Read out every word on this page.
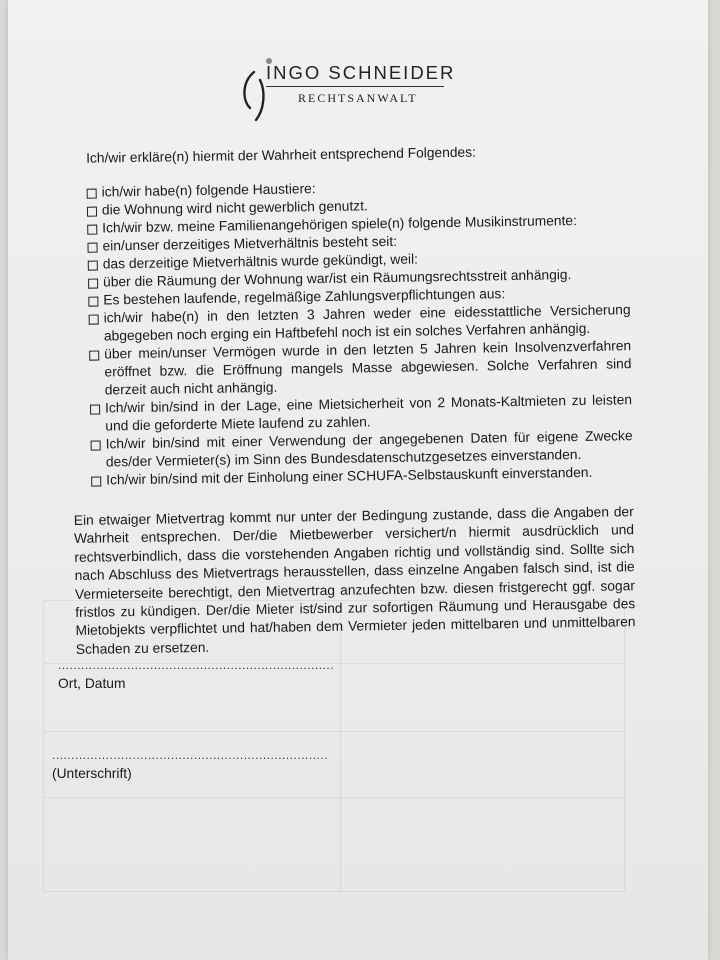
INGO SCHNEIDER
RECHTSANWALT
Ich/wir erkläre(n) hiermit der Wahrheit entsprechend Folgendes:
ich/wir habe(n) folgende Haustiere:
die Wohnung wird nicht gewerblich genutzt.
Ich/wir bzw. meine Familienangehörigen spiele(n) folgende Musikinstrumente:
ein/unser derzeitiges Mietverhältnis besteht seit:
das derzeitige Mietverhältnis wurde gekündigt, weil:
über die Räumung der Wohnung war/ist ein Räumungsrechtsstreit anhängig.
Es bestehen laufende, regelmäßige Zahlungsverpflichtungen aus:
ich/wir habe(n) in den letzten 3 Jahren weder eine eidesstattliche Versicherung abgegeben noch erging ein Haftbefehl noch ist ein solches Verfahren anhängig.
über mein/unser Vermögen wurde in den letzten 5 Jahren kein Insolvenzverfahren eröffnet bzw. die Eröffnung mangels Masse abgewiesen. Solche Verfahren sind derzeit auch nicht anhängig.
Ich/wir bin/sind in der Lage, eine Mietsicherheit von 2 Monats-Kaltmieten zu leisten und die geforderte Miete laufend zu zahlen.
Ich/wir bin/sind mit einer Verwendung der angegebenen Daten für eigene Zwecke des/der Vermieter(s) im Sinn des Bundesdatenschutzgesetzes einverstanden.
Ich/wir bin/sind mit der Einholung einer SCHUFA-Selbstauskunft einverstanden.

Ein etwaiger Mietvertrag kommt nur unter der Bedingung zustande, dass die Angaben der Wahrheit entsprechen. Der/die Mietbewerber versichert/n hiermit ausdrücklich und rechtsverbindlich, dass die vorstehenden Angaben richtig und vollständig sind. Sollte sich nach Abschluss des Mietvertrags herausstellen, dass einzelne Angaben falsch sind, ist die Vermieterseite berechtigt, den Mietvertrag anzufechten bzw. diesen fristgerecht ggf. sogar fristlos zu kündigen. Der/die Mieter ist/sind zur sofortigen Räumung und Herausgabe des Mietobjekts verpflichtet und hat/haben dem Vermieter jeden mittelbaren und unmittelbaren Schaden zu ersetzen.

........................................................................
Ort, Datum
........................................................................
(Unterschrift)
